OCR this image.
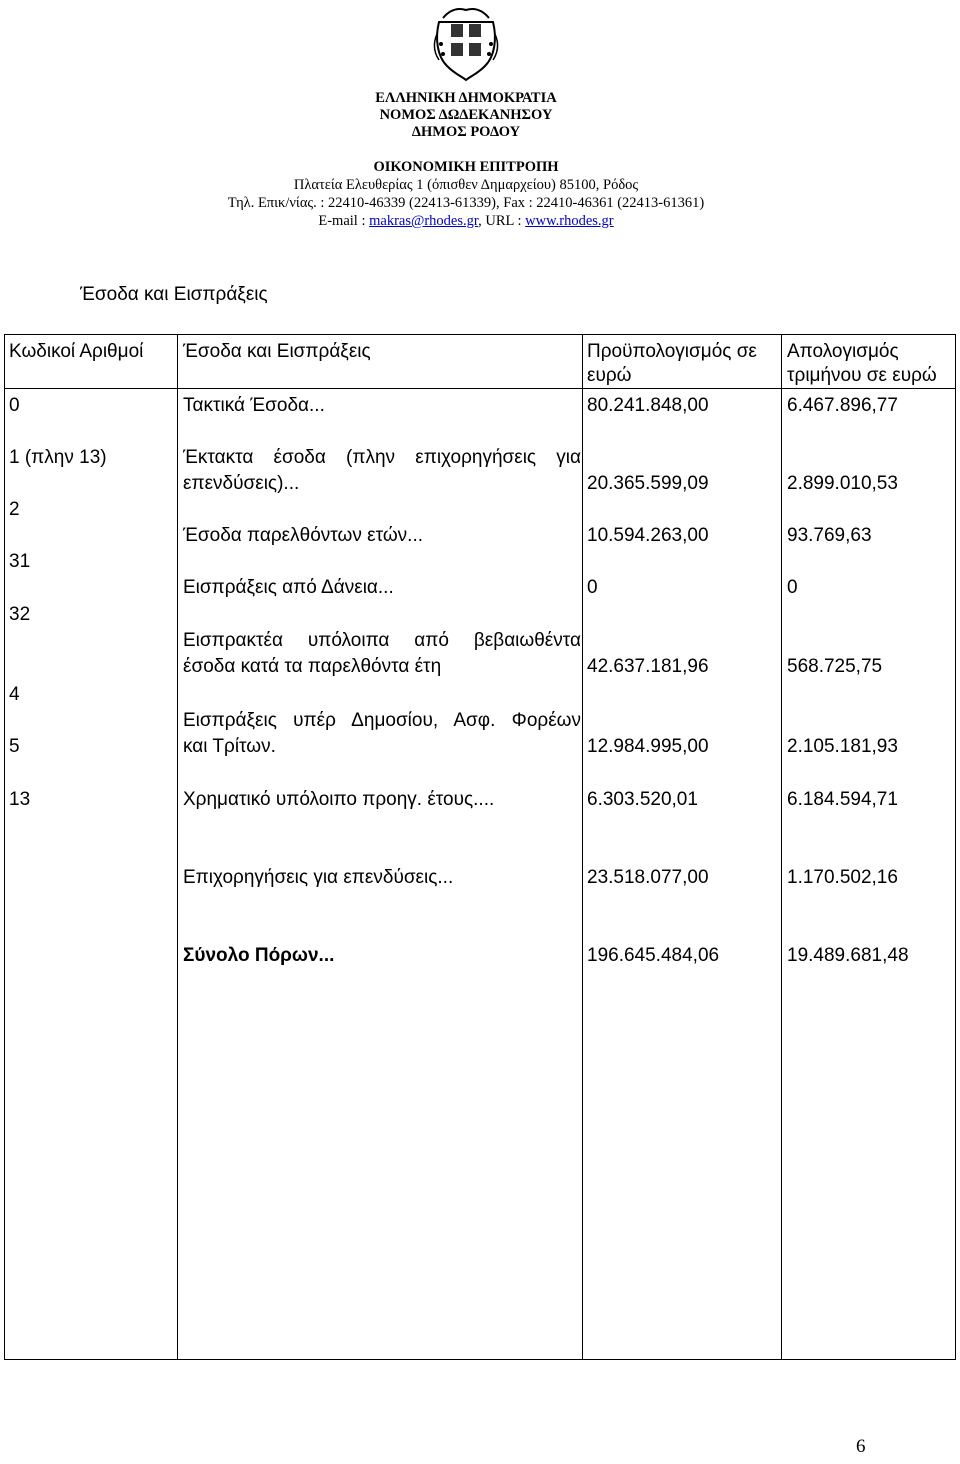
ΕΛΛΗΝΙΚΗ ΔΗΜΟΚΡΑΤΙΑ
ΝΟΜΟΣ ΔΩΔΕΚΑΝΗΣΟΥ
ΔΗΜΟΣ ΡΟΔΟΥ
ΟΙΚΟΝΟΜΙΚΗ ΕΠΙΤΡΟΠΗ
Πλατεία Ελευθερίας 1 (όπισθεν Δημαρχείου) 85100, Ρόδος
Τηλ. Επικ/νίας. : 22410-46339 (22413-61339), Fax : 22410-46361 (22413-61361)
E-mail : makras@rhodes.gr, URL : www.rhodes.gr
Έσοδα και Εισπράξεις
Κωδικοί Αριθμοί Έσοδα και Εισπράξεις	Προϋπολογισμός σε
ευρώ
Απολογισμός
τριμήνου σε ευρώ
0
1 (πλην 13)
2
31
32
4
5
13
Τακτικά Έσοδα...
Έκτακτα έσοδα (πλην επιχορηγήσεις για
επενδύσεις)...
Έσοδα παρελθόντων ετών...
Εισπράξεις από Δάνεια...
Εισπρακτέα υπόλοιπα από βεβαιωθέντα
έσοδα κατά τα παρελθόντα έτη
Εισπράξεις υπέρ Δημοσίου, Ασφ. Φορέων
και Τρίτων.
Χρηματικό υπόλοιπο προηγ. έτους....
Επιχορηγήσεις για επενδύσεις...
Σύνολο Πόρων...
80.241.848,00
20.365.599,09
10.594.263,00
0
42.637.181,96
12.984.995,00
6.303.520,01
23.518.077,00
196.645.484,06
6.467.896,77
2.899.010,53
93.769,63
0
568.725,75
2.105.181,93
6.184.594,71
1.170.502,16
19.489.681,48
6
